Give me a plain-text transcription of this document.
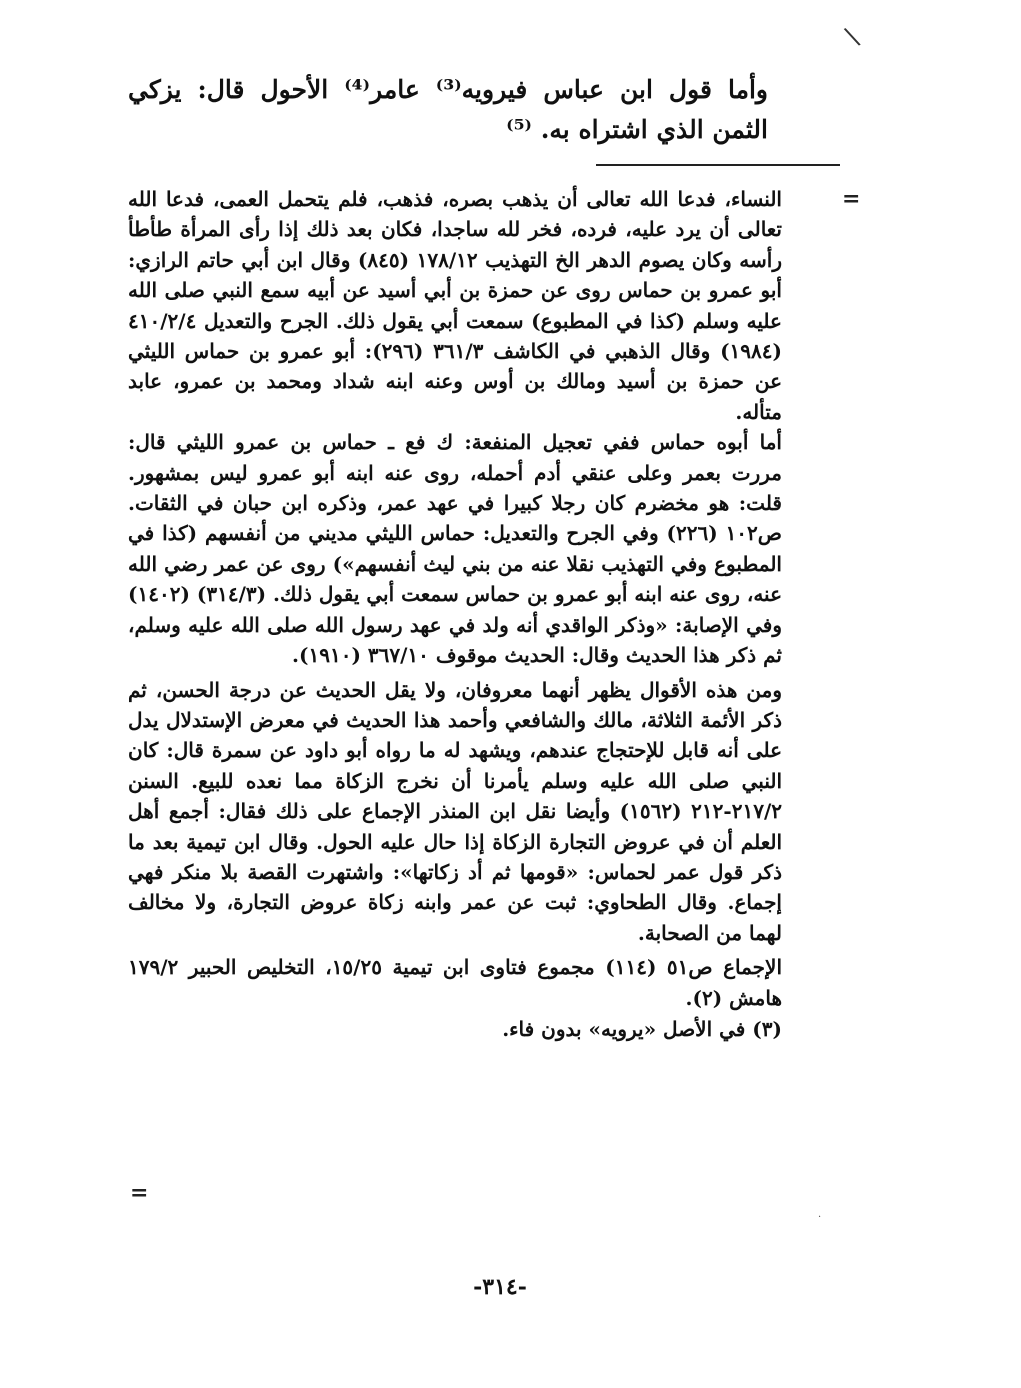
\

وأما قول ابن عباس فيرويه⁽³⁾ عامر⁽⁴⁾ الأحول قال: يزكي الثمن الذي اشتراه به. ⁽⁵⁾

=

النساء، فدعا الله تعالى أن يذهب بصره، فذهب، فلم يتحمل العمى، فدعا الله تعالى أن يرد عليه، فرده، فخر لله ساجدا، فكان بعد ذلك إذا رأى المرأة طأطأ رأسه وكان يصوم الدهر الخ التهذيب ١٧٨/١٢ (٨٤٥) وقال ابن أبي حاتم الرازي: أبو عمرو بن حماس روى عن حمزة بن أبي أسيد عن أبيه سمع النبي صلى الله عليه وسلم (كذا في المطبوع) سمعت أبي يقول ذلك. الجرح والتعديل ٤١٠/٢/٤ (١٩٨٤) وقال الذهبي في الكاشف ٣٦١/٣ (٢٩٦): أبو عمرو بن حماس الليثي عن حمزة بن أسيد ومالك بن أوس وعنه ابنه شداد ومحمد بن عمرو، عابد متأله.

أما أبوه حماس ففي تعجيل المنفعة: ك فع ـ حماس بن عمرو الليثي قال: مررت بعمر وعلى عنقي أدم أحمله، روى عنه ابنه أبو عمرو ليس بمشهور. قلت: هو مخضرم كان رجلا كبيرا في عهد عمر، وذكره ابن حبان في الثقات. ص١٠٢ (٢٢٦) وفي الجرح والتعديل: حماس الليثي مديني من أنفسهم (كذا في المطبوع وفي التهذيب نقلا عنه من بني ليث أنفسهم») روى عن عمر رضي الله عنه، روى عنه ابنه أبو عمرو بن حماس سمعت أبي يقول ذلك. (٣١٤/٣) (١٤٠٢) وفي الإصابة: «وذكر الواقدي أنه ولد في عهد رسول الله صلى الله عليه وسلم، ثم ذكر هذا الحديث وقال: الحديث موقوف ٣٦٧/١٠ (١٩١٠).

ومن هذه الأقوال يظهر أنهما معروفان، ولا يقل الحديث عن درجة الحسن، ثم ذكر الأئمة الثلاثة، مالك والشافعي وأحمد هذا الحديث في معرض الإستدلال يدل على أنه قابل للإحتجاج عندهم، ويشهد له ما رواه أبو داود عن سمرة قال: كان النبي صلى الله عليه وسلم يأمرنا أن نخرج الزكاة مما نعده للبيع. السنن ٢١٧/٢-٢١٢ (١٥٦٢) وأيضا نقل ابن المنذر الإجماع على ذلك فقال: أجمع أهل العلم أن في عروض التجارة الزكاة إذا حال عليه الحول. وقال ابن تيمية بعد ما ذكر قول عمر لحماس: «قومها ثم أد زكاتها»: واشتهرت القصة بلا منكر فهي إجماع. وقال الطحاوي: ثبت عن عمر وابنه زكاة عروض التجارة، ولا مخالف لهما من الصحابة.

الإجماع ص٥١ (١١٤) مجموع فتاوى ابن تيمية ١٥/٢٥، التخليص الحبير ١٧٩/٢ هامش (٢).

(٣) في الأصل «يرويه» بدون فاء.

=
·
-٣١٤-
